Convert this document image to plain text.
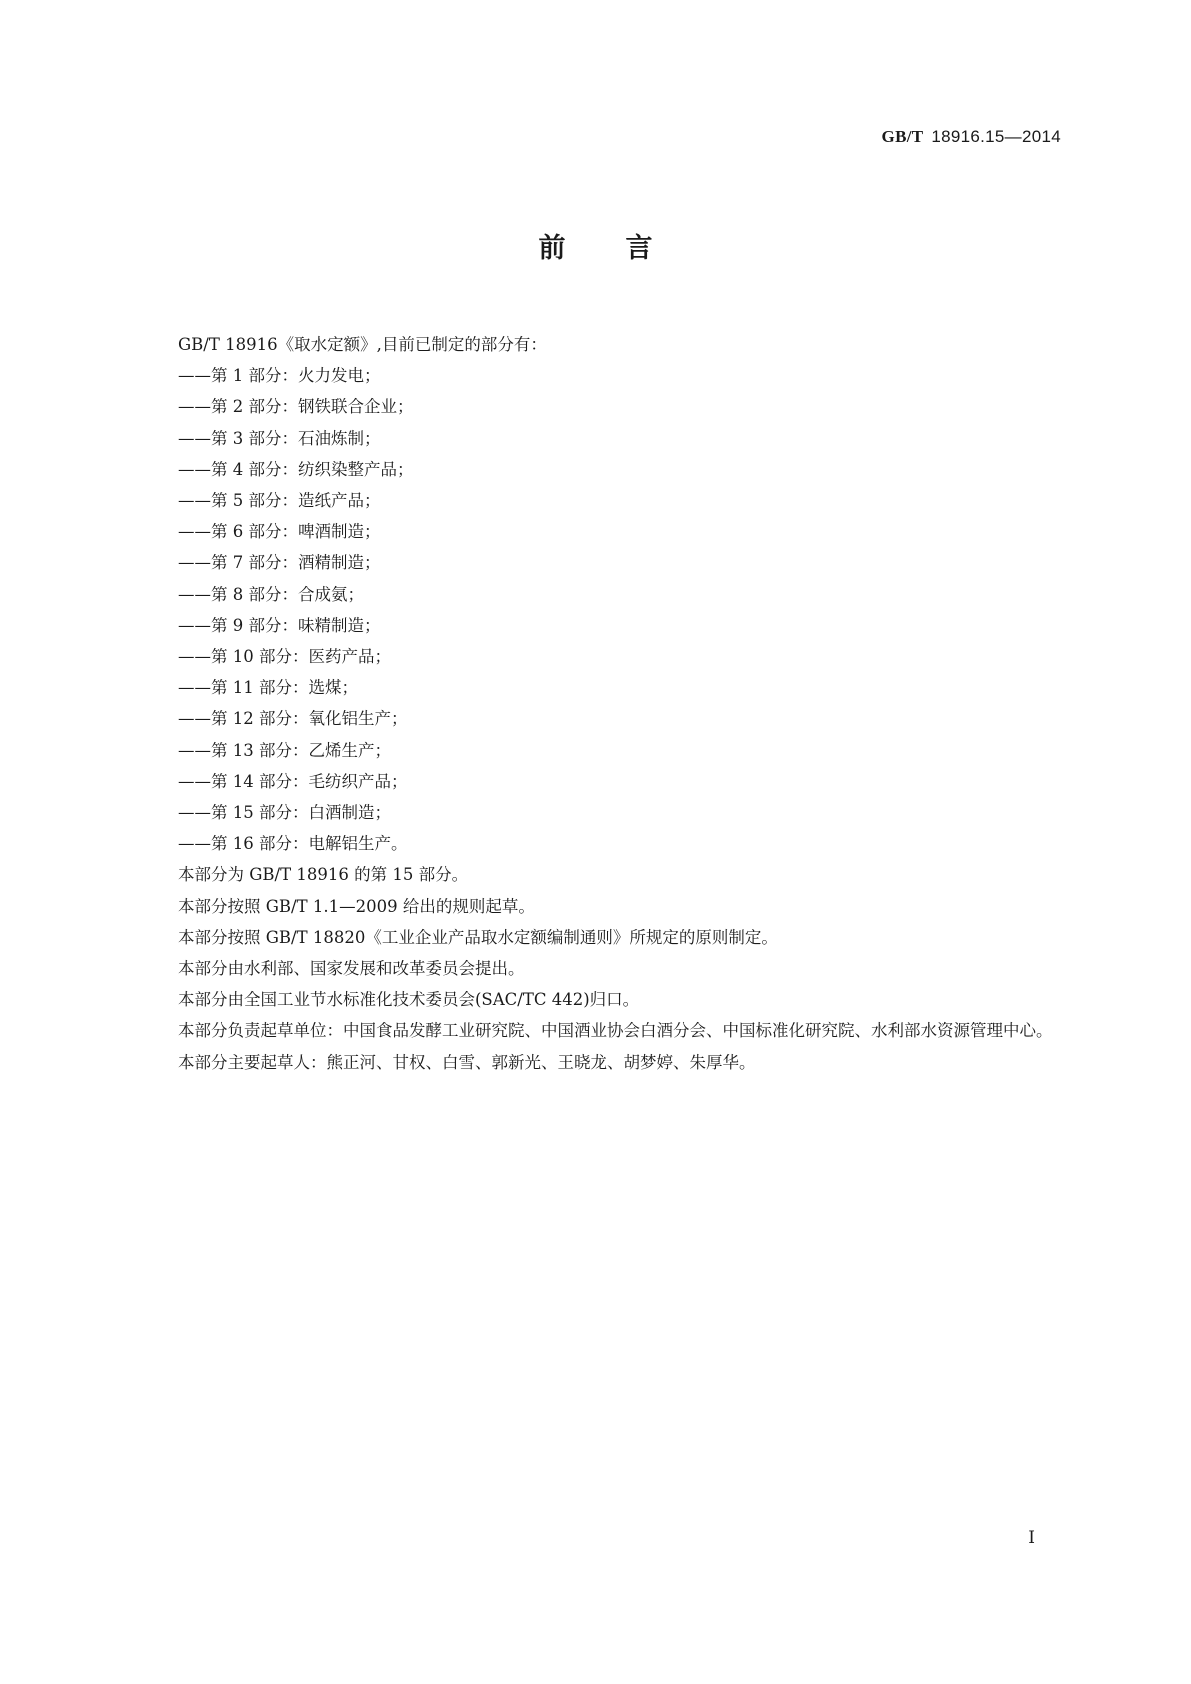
GB/T 18916.15—2014
前 言

GB/T 18916《取水定额》,目前已制定的部分有：

——第 1 部分：火力发电；
——第 2 部分：钢铁联合企业；
——第 3 部分：石油炼制；
——第 4 部分：纺织染整产品；
——第 5 部分：造纸产品；
——第 6 部分：啤酒制造；
——第 7 部分：酒精制造；
——第 8 部分：合成氨；
——第 9 部分：味精制造；
——第 10 部分：医药产品；
——第 11 部分：选煤；
——第 12 部分：氧化铝生产；
——第 13 部分：乙烯生产；
——第 14 部分：毛纺织产品；
——第 15 部分：白酒制造；
——第 16 部分：电解铝生产。

本部分为 GB/T 18916 的第 15 部分。

本部分按照 GB/T 1.1—2009 给出的规则起草。

本部分按照 GB/T 18820《工业企业产品取水定额编制通则》所规定的原则制定。

本部分由水利部、国家发展和改革委员会提出。

本部分由全国工业节水标准化技术委员会(SAC/TC 442)归口。

本部分负责起草单位：中国食品发酵工业研究院、中国酒业协会白酒分会、中国标准化研究院、水利部水资源管理中心。

本部分主要起草人：熊正河、甘权、白雪、郭新光、王晓龙、胡梦婷、朱厚华。

I
